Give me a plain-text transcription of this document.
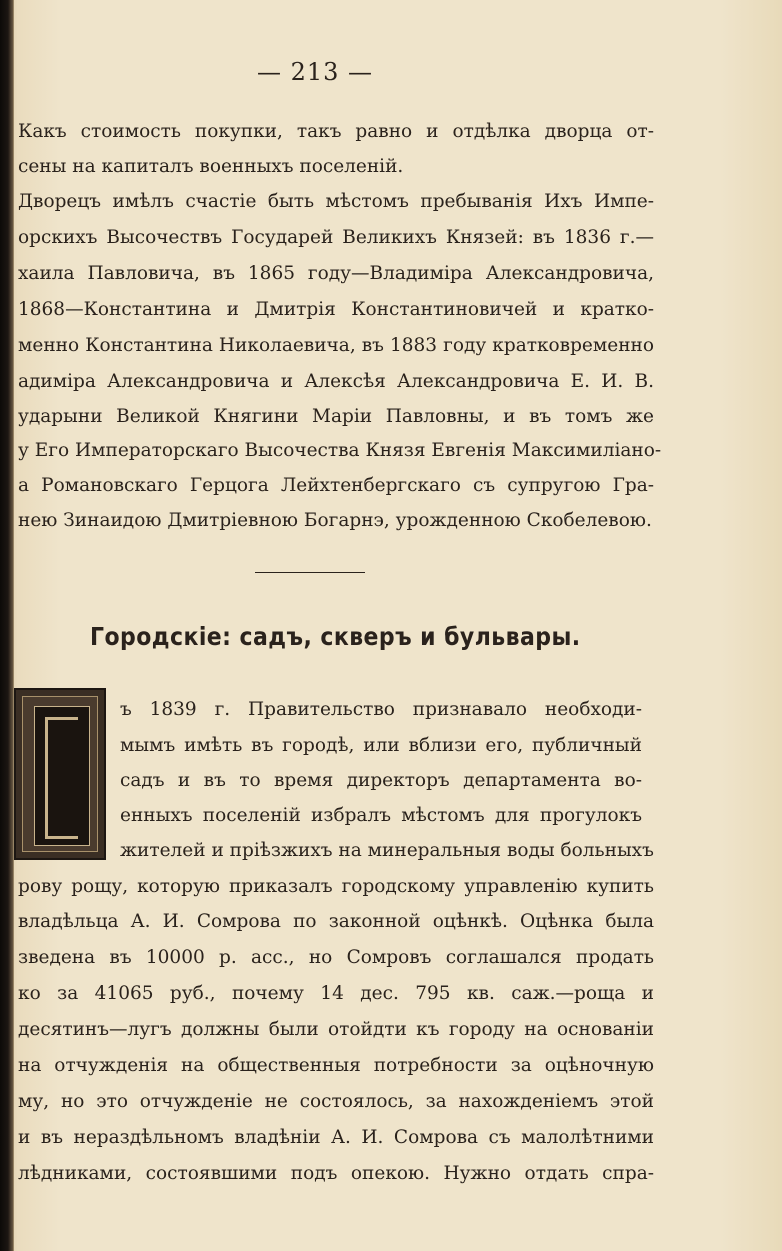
— 213 —
Какъ стоимость покупки, такъ равно и отдѣлка дворца от-
сены на капиталъ военныхъ поселеній.
Дворецъ имѣлъ счастіе быть мѣстомъ пребыванія Ихъ Импе-
орскихъ Высочествъ Государей Великихъ Князей: въ 1836 г.—
хаила Павловича, въ 1865 году—Владиміра Александровича,
1868—Константина и Дмитрія Константиновичей и кратко-
менно Константина Николаевича, въ 1883 году кратковременно
адиміра Александровича и Алексѣя Александровича Е. И. В.
ударыни Великой Княгини Маріи Павловны, и въ томъ же
у Его Императорскаго Высочества Князя Евгенія Максимиліано-
а Романовскаго Герцога Лейхтенбергскаго съ супругою Гра-
нею Зинаидою Дмитріевною Богарнэ, урожденною Скобелевою.
Городскіе: садъ, скверъ и бульвары.
ъ 1839 г. Правительство признавало необходи-
мымъ имѣть въ городѣ, или вблизи его, публичный
садъ и въ то время директоръ департамента во-
енныхъ поселеній избралъ мѣстомъ для прогулокъ
жителей и пріѣзжихъ на минеральныя воды больныхъ
рову рощу, которую приказалъ городскому управленію купить
владѣльца А. И. Сомрова по законной оцѣнкѣ. Оцѣнка была
зведена въ 10000 р. асс., но Сомровъ соглашался продать
ко за 41065 руб., почему 14 дес. 795 кв. саж.—роща и
десятинъ—лугъ должны были отойдти къ городу на основаніи
на отчужденія на общественныя потребности за оцѣночную
му, но это отчужденіе не состоялось, за нахожденіемъ этой
и въ нераздѣльномъ владѣніи А. И. Сомрова съ малолѣтними
лѣдниками, состоявшими подъ опекою. Нужно отдать спра-
